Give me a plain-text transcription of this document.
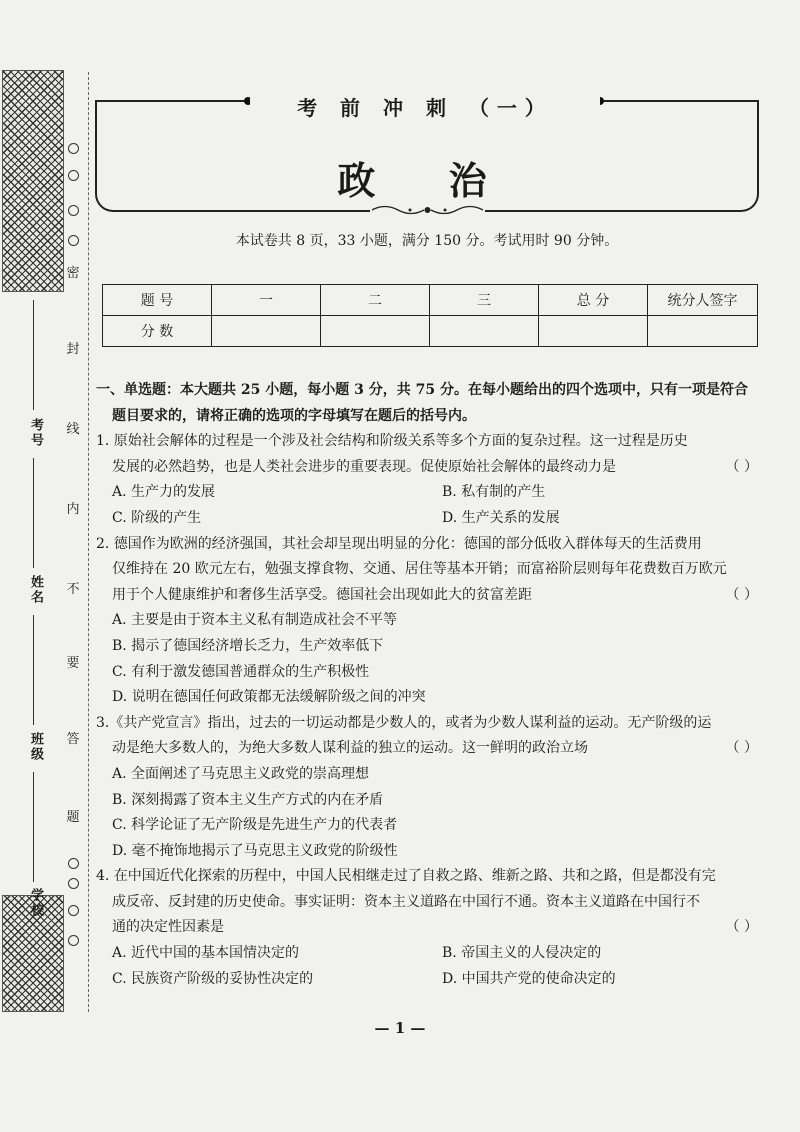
密
封
线
内
不
要
答
题
考号
姓名
班级
学校
考 前 冲 刺 （一）
政 治
本试卷共 8 页，33 小题，满分 150 分。考试用时 90 分钟。
题 号	一	二	三	总 分	统分人签字
分 数					
一、单选题：本大题共 25 小题，每小题 3 分，共 75 分。在每小题给出的四个选项中，只有一项是符合
题目要求的，请将正确的选项的字母填写在题后的括号内。
1. 原始社会解体的过程是一个涉及社会结构和阶级关系等多个方面的复杂过程。这一过程是历史
发展的必然趋势，也是人类社会进步的重要表现。促使原始社会解体的最终动力是	（ ）
A. 生产力的发展	B. 私有制的产生
C. 阶级的产生	D. 生产关系的发展
2. 德国作为欧洲的经济强国，其社会却呈现出明显的分化：德国的部分低收入群体每天的生活费用
仅维持在 20 欧元左右，勉强支撑食物、交通、居住等基本开销；而富裕阶层则每年花费数百万欧元
用于个人健康维护和奢侈生活享受。德国社会出现如此大的贫富差距	（ ）
A. 主要是由于资本主义私有制造成社会不平等
B. 揭示了德国经济增长乏力，生产效率低下
C. 有利于激发德国普通群众的生产积极性
D. 说明在德国任何政策都无法缓解阶级之间的冲突
3.《共产党宣言》指出，过去的一切运动都是少数人的，或者为少数人谋利益的运动。无产阶级的运
动是绝大多数人的，为绝大多数人谋利益的独立的运动。这一鲜明的政治立场	（ ）
A. 全面阐述了马克思主义政党的崇高理想
B. 深刻揭露了资本主义生产方式的内在矛盾
C. 科学论证了无产阶级是先进生产力的代表者
D. 毫不掩饰地揭示了马克思主义政党的阶级性
4. 在中国近代化探索的历程中，中国人民相继走过了自救之路、维新之路、共和之路，但是都没有完
成反帝、反封建的历史使命。事实证明：资本主义道路在中国行不通。资本主义道路在中国行不
通的决定性因素是	（ ）
A. 近代中国的基本国情决定的	B. 帝国主义的人侵决定的
C. 民族资产阶级的妥协性决定的	D. 中国共产党的使命决定的
— 1 —
